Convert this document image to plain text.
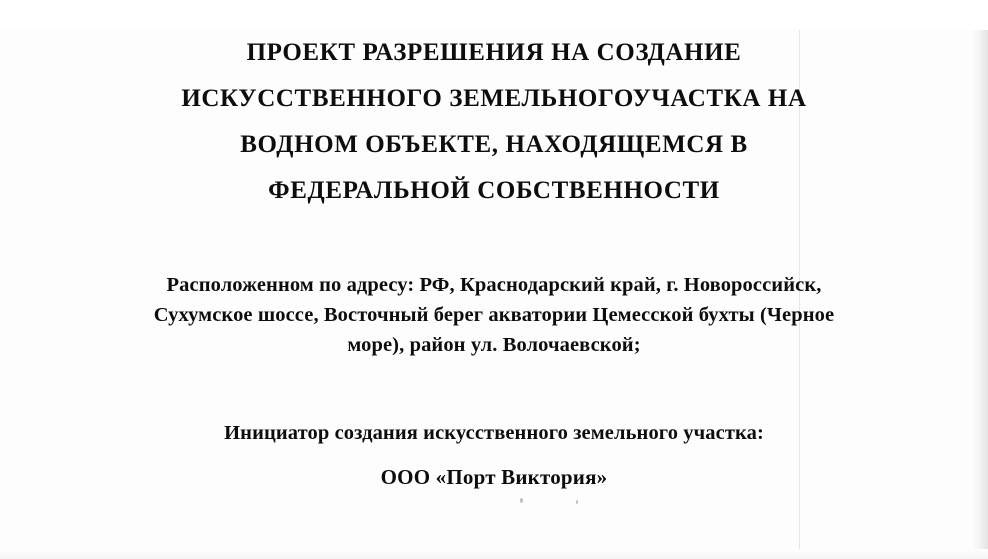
ПРОЕКТ РАЗРЕШЕНИЯ НА СОЗДАНИЕ
ИСКУССТВЕННОГО ЗЕМЕЛЬНОГОУЧАСТКА НА
ВОДНОМ ОБЪЕКТЕ, НАХОДЯЩЕМСЯ В
ФЕДЕРАЛЬНОЙ СОБСТВЕННОСТИ
Расположенном по адресу: РФ, Краснодарский край, г. Новороссийск,
Сухумское шоссе, Восточный берег акватории Цемесской бухты (Черное
море), район ул. Волочаевской;
Инициатор создания искусственного земельного участка:
ООО «Порт Виктория»
